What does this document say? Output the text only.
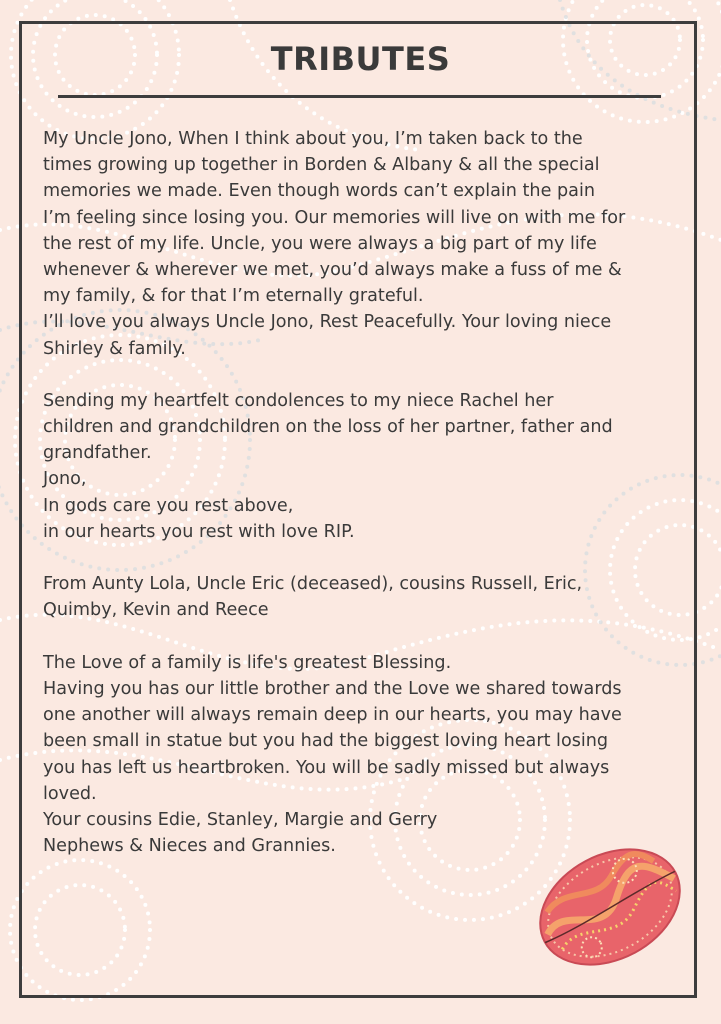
TRIBUTES
My Uncle Jono, When I think about you, I’m taken back to the
times growing up together in Borden & Albany & all the special
memories we made. Even though words can’t explain the pain
I’m feeling since losing you. Our memories will live on with me for
the rest of my life. Uncle, you were always a big part of my life
whenever & wherever we met, you’d always make a fuss of me &
my family, & for that I’m eternally grateful.
I’ll love you always Uncle Jono, Rest Peacefully. Your loving niece
Shirley & family.
Sending my heartfelt condolences to my niece Rachel her
children and grandchildren on the loss of her partner, father and
grandfather.
Jono,
In gods care you rest above,
in our hearts you rest with love RIP.
From Aunty Lola, Uncle Eric (deceased), cousins Russell, Eric,
Quimby, Kevin and Reece
The Love of a family is life's greatest Blessing.
Having you has our little brother and the Love we shared towards
one another will always remain deep in our hearts, you may have
been small in statue but you had the biggest loving heart losing
you has left us heartbroken. You will be sadly missed but always
loved.
Your cousins Edie, Stanley, Margie and Gerry
Nephews & Nieces and Grannies.
